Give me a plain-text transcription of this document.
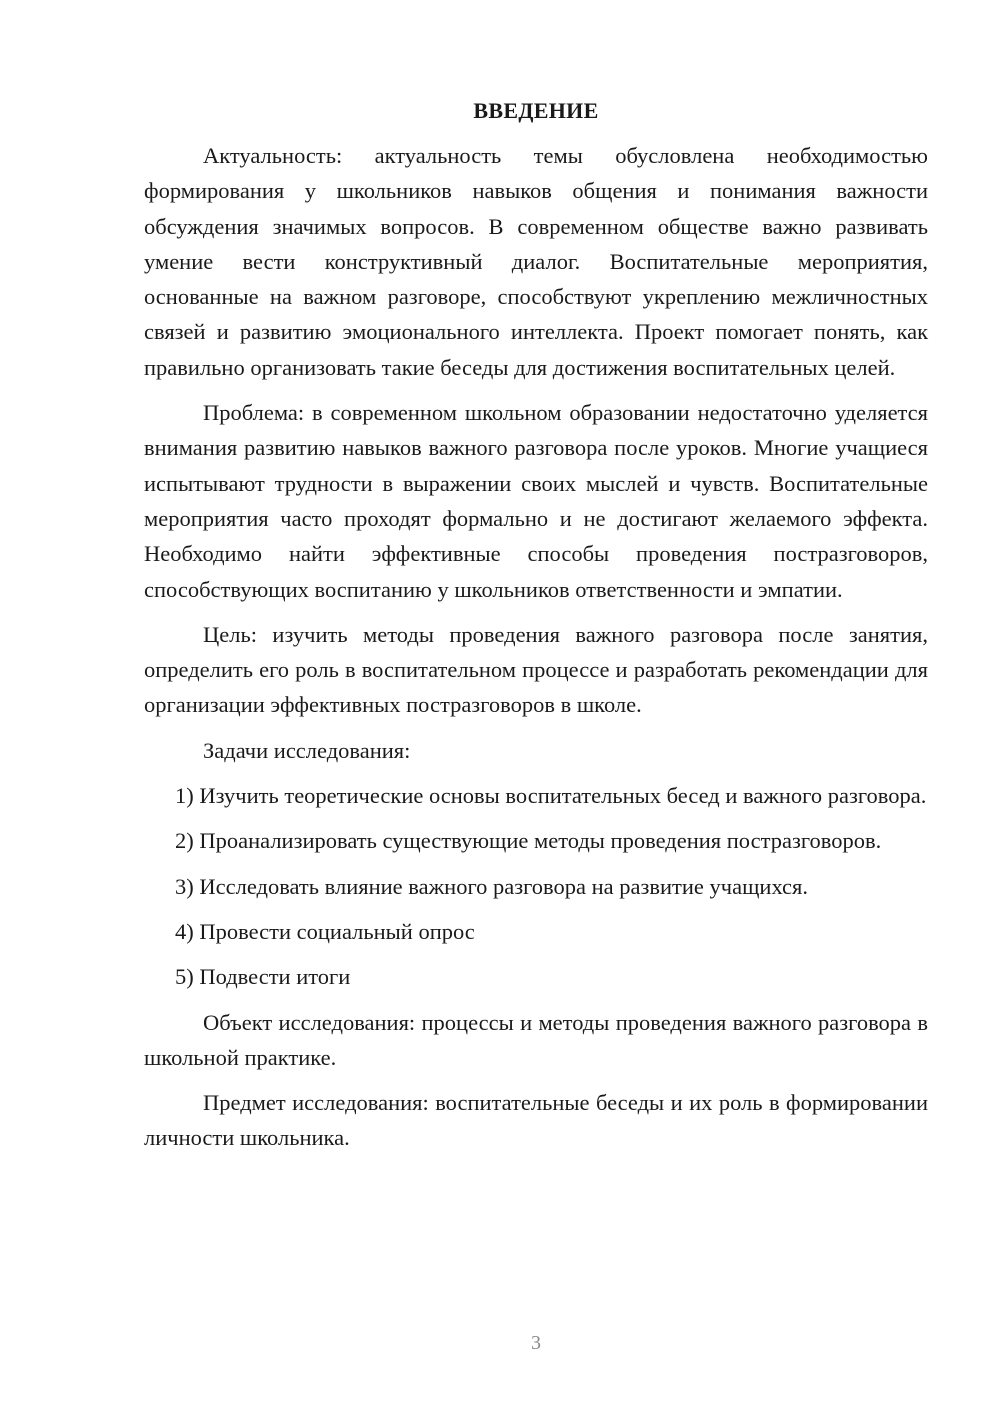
ВВЕДЕНИЕ

Актуальность: актуальность темы обусловлена необходимостью формирования у школьников навыков общения и понимания важности обсуждения значимых вопросов. В современном обществе важно развивать умение вести конструктивный диалог. Воспитательные мероприятия, основанные на важном разговоре, способствуют укреплению межличностных связей и развитию эмоционального интеллекта. Проект помогает понять, как правильно организовать такие беседы для достижения воспитательных целей.

Проблема: в современном школьном образовании недостаточно уделяется внимания развитию навыков важного разговора после уроков. Многие учащиеся испытывают трудности в выражении своих мыслей и чувств. Воспитательные мероприятия часто проходят формально и не достигают желаемого эффекта. Необходимо найти эффективные способы проведения постразговоров, способствующих воспитанию у школьников ответственности и эмпатии.

Цель: изучить методы проведения важного разговора после занятия, определить его роль в воспитательном процессе и разработать рекомендации для организации эффективных постразговоров в школе.

Задачи исследования:

1) Изучить теоретические основы воспитательных бесед и важного разговора.

2) Проанализировать существующие методы проведения постразговоров.

3) Исследовать влияние важного разговора на развитие учащихся.

4) Провести социальный опрос

5) Подвести итоги

Объект исследования: процессы и методы проведения важного разговора в школьной практике.

Предмет исследования: воспитательные беседы и их роль в формировании личности школьника.

3
